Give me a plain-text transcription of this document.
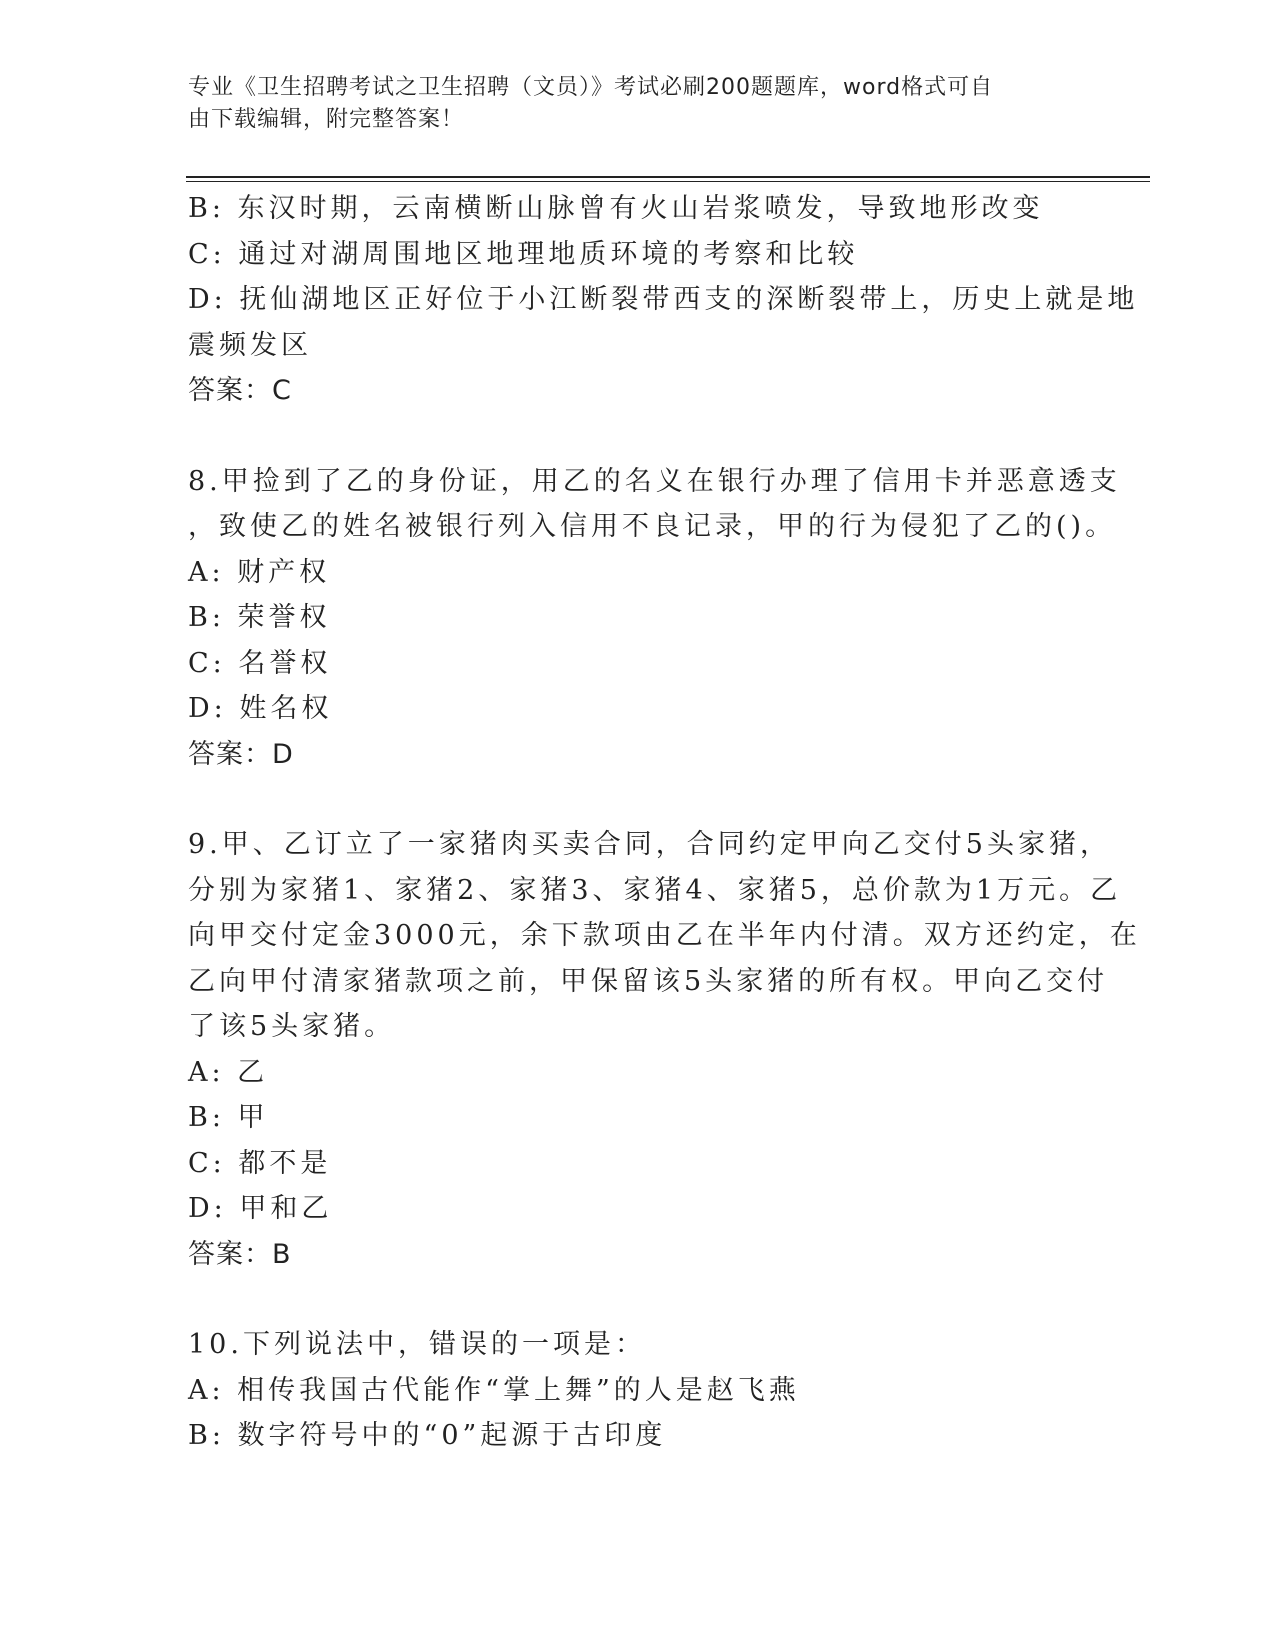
专业《卫生招聘考试之卫生招聘（文员）》考试必刷200题题库，word格式可自
由下载编辑，附完整答案！
B: 东汉时期，云南横断山脉曾有火山岩浆喷发，导致地形改变
C: 通过对湖周围地区地理地质环境的考察和比较
D: 抚仙湖地区正好位于小江断裂带西支的深断裂带上，历史上就是地
震频发区
答案：C
8.甲捡到了乙的身份证，用乙的名义在银行办理了信用卡并恶意透支
，致使乙的姓名被银行列入信用不良记录，甲的行为侵犯了乙的()。
A: 财产权
B: 荣誉权
C: 名誉权
D: 姓名权
答案：D
9.甲、乙订立了一家猪肉买卖合同，合同约定甲向乙交付5头家猪，
分别为家猪1、家猪2、家猪3、家猪4、家猪5，总价款为1万元。乙
向甲交付定金3000元，余下款项由乙在半年内付清。双方还约定，在
乙向甲付清家猪款项之前，甲保留该5头家猪的所有权。甲向乙交付
了该5头家猪。
A: 乙
B: 甲
C: 都不是
D: 甲和乙
答案：B
10.下列说法中，错误的一项是：
A: 相传我国古代能作“掌上舞”的人是赵飞燕
B: 数字符号中的“0”起源于古印度
